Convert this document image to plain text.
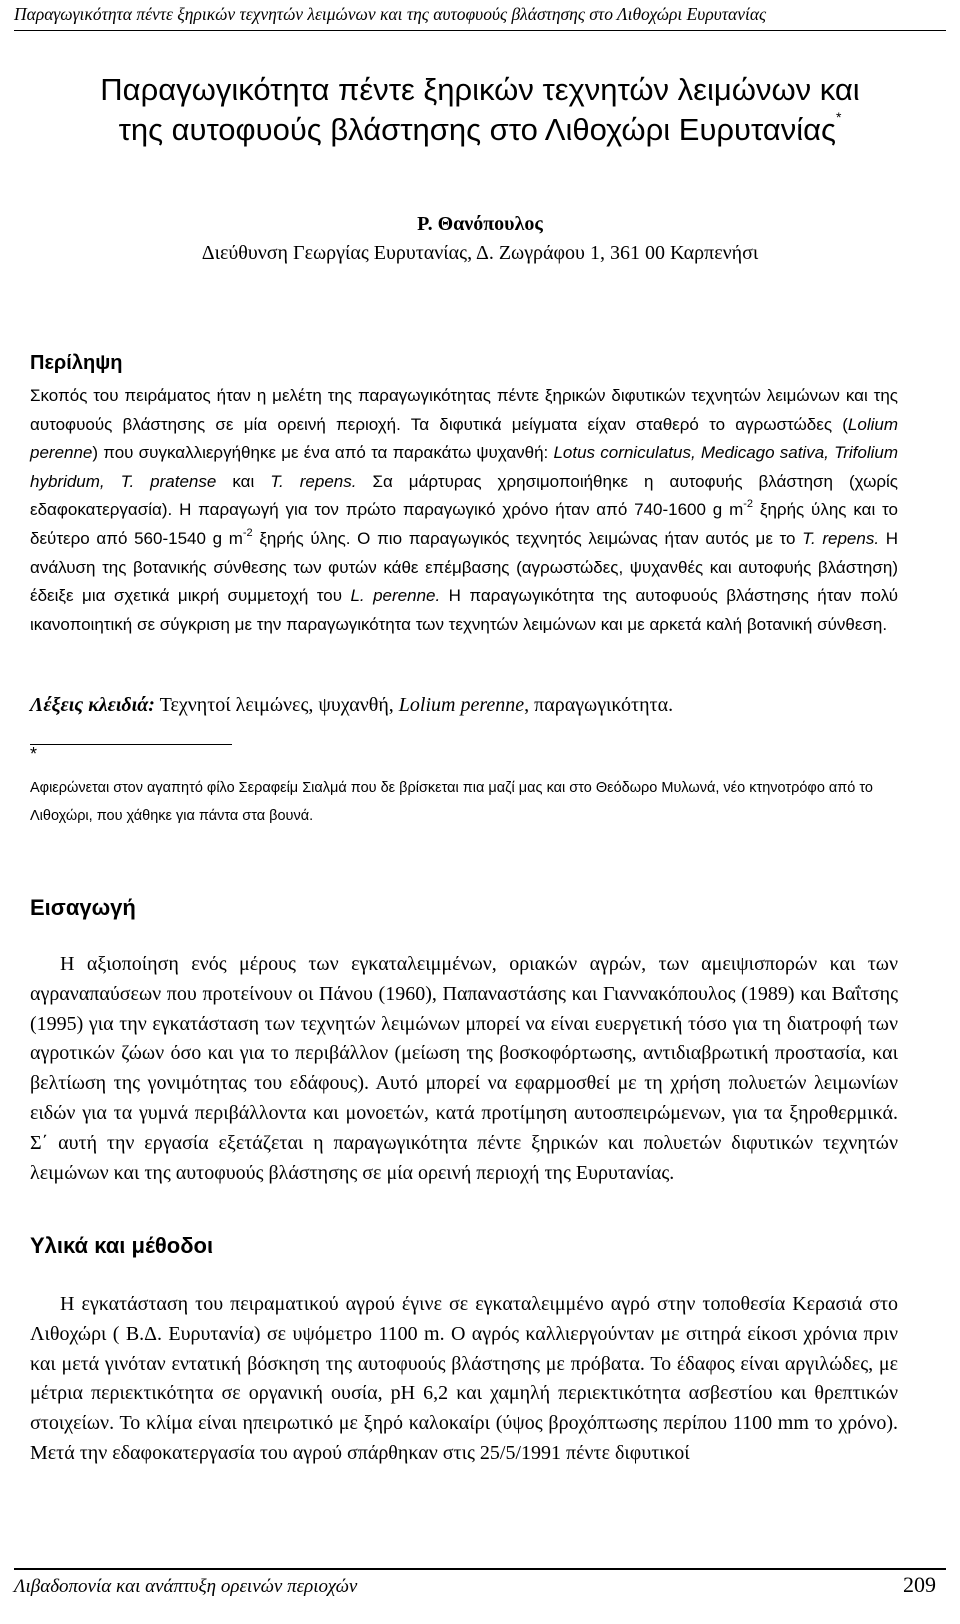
Παραγωγικότητα πέντε ξηρικών τεχνητών λειμώνων και της αυτοφυούς βλάστησης στο Λιθοχώρι Ευρυτανίας
Παραγωγικότητα πέντε ξηρικών τεχνητών λειμώνων και
της αυτοφυούς βλάστησης στο Λιθοχώρι Ευρυτανίας*
Ρ. Θανόπουλος
Διεύθυνση Γεωργίας Ευρυτανίας, Δ. Ζωγράφου 1, 361 00 Καρπενήσι
Περίληψη
Σκοπός του πειράματος ήταν η μελέτη της παραγωγικότητας πέντε ξηρικών διφυτικών τεχνητών λειμώνων και της αυτοφυούς βλάστησης σε μία ορεινή περιοχή. Τα διφυτικά μείγματα είχαν σταθερό το αγρωστώδες (Lolium perenne) που συγκαλλιεργήθηκε με ένα από τα παρακάτω ψυχανθή: Lotus corniculatus, Medicago sativa, Trifolium hybridum, T. pratense και T. repens. Σα μάρτυρας χρησιμοποιήθηκε η αυτοφυής βλάστηση (χωρίς εδαφοκατεργασία). Η παραγωγή για τον πρώτο παραγωγικό χρόνο ήταν από 740-1600 g $m^{-2}$ ξηρής ύλης και το δεύτερο από 560-1540 g $m^{-2}$ ξηρής ύλης. Ο πιο παραγωγικός τεχνητός λειμώνας ήταν αυτός με το T. repens. Η ανάλυση της βοτανικής σύνθεσης των φυτών κάθε επέμβασης (αγρωστώδες, ψυχανθές και αυτοφυής βλάστηση) έδειξε μια σχετικά μικρή συμμετοχή του L. perenne. Η παραγωγικότητα της αυτοφυούς βλάστησης ήταν πολύ ικανοποιητική σε σύγκριση με την παραγωγικότητα των τεχνητών λειμώνων και με αρκετά καλή βοτανική σύνθεση.
Λέξεις κλειδιά: Τεχνητοί λειμώνες, ψυχανθή, Lolium perenne, παραγωγικότητα.
*
Αφιερώνεται στον αγαπητό φίλο Σεραφείμ Σιαλμά που δε βρίσκεται πια μαζί μας και στο Θεόδωρο Μυλωνά, νέο κτηνοτρόφο από το Λιθοχώρι, που χάθηκε για πάντα στα βουνά.
Εισαγωγή

Η αξιοποίηση ενός μέρους των εγκαταλειμμένων, οριακών αγρών, των αμειψισπορών και των αγραναπαύσεων που προτείνουν οι Πάνου (1960), Παπαναστάσης και Γιαννακόπουλος (1989) και Βαΐτσης (1995) για την εγκατάσταση των τεχνητών λειμώνων μπορεί να είναι ευεργετική τόσο για τη διατροφή των αγροτικών ζώων όσο και για το περιβάλλον (μείωση της βοσκοφόρτωσης, αντιδιαβρωτική προστασία, και βελτίωση της γονιμότητας του εδάφους). Αυτό μπορεί να εφαρμοσθεί με τη χρήση πολυετών λειμωνίων ειδών για τα γυμνά περιβάλλοντα και μονοετών, κατά προτίμηση αυτοσπειρώμενων, για τα ξηροθερμικά. Σ΄ αυτή την εργασία εξετάζεται η παραγωγικότητα πέντε ξηρικών και πολυετών διφυτικών τεχνητών λειμώνων και της αυτοφυούς βλάστησης σε μία ορεινή περιοχή της Ευρυτανίας.

Υλικά και μέθοδοι

Η εγκατάσταση του πειραματικού αγρού έγινε σε εγκαταλειμμένο αγρό στην τοποθεσία Κερασιά στο Λιθοχώρι ( Β.Δ. Ευρυτανία) σε υψόμετρο 1100 m. Ο αγρός καλλιεργούνταν με σιτηρά είκοσι χρόνια πριν και μετά γινόταν εντατική βόσκηση της αυτοφυούς βλάστησης με πρόβατα. Το έδαφος είναι αργιλώδες, με μέτρια περιεκτικότητα σε οργανική ουσία, pH 6,2 και χαμηλή περιεκτικότητα ασβεστίου και θρεπτικών στοιχείων. Το κλίμα είναι ηπειρωτικό με ξηρό καλοκαίρι (ύψος βροχόπτωσης περίπου 1100 mm το χρόνο). Μετά την εδαφοκατεργασία του αγρού σπάρθηκαν στις 25/5/1991 πέντε διφυτικοί

Λιβαδοπονία και ανάπτυξη ορεινών περιοχών	209
